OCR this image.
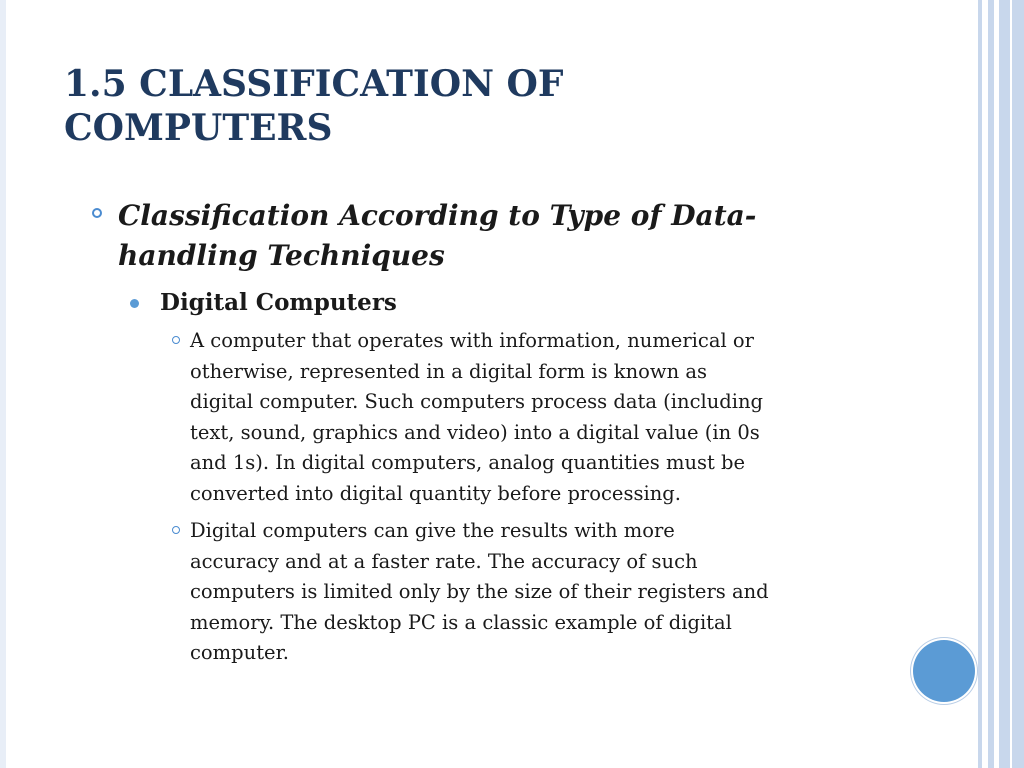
1.5 CLASSIFICATION OF
COMPUTERS
Classification According to Type of Data-
handling Techniques
Digital Computers
A computer that operates with information, numerical or
otherwise, represented in a digital form is known as
digital computer. Such computers process data (including
text, sound, graphics and video) into a digital value (in 0s
and 1s). In digital computers, analog quantities must be
converted into digital quantity before processing.
Digital computers can give the results with more
accuracy and at a faster rate. The accuracy of such
computers is limited only by the size of their registers and
memory. The desktop PC is a classic example of digital
computer.
